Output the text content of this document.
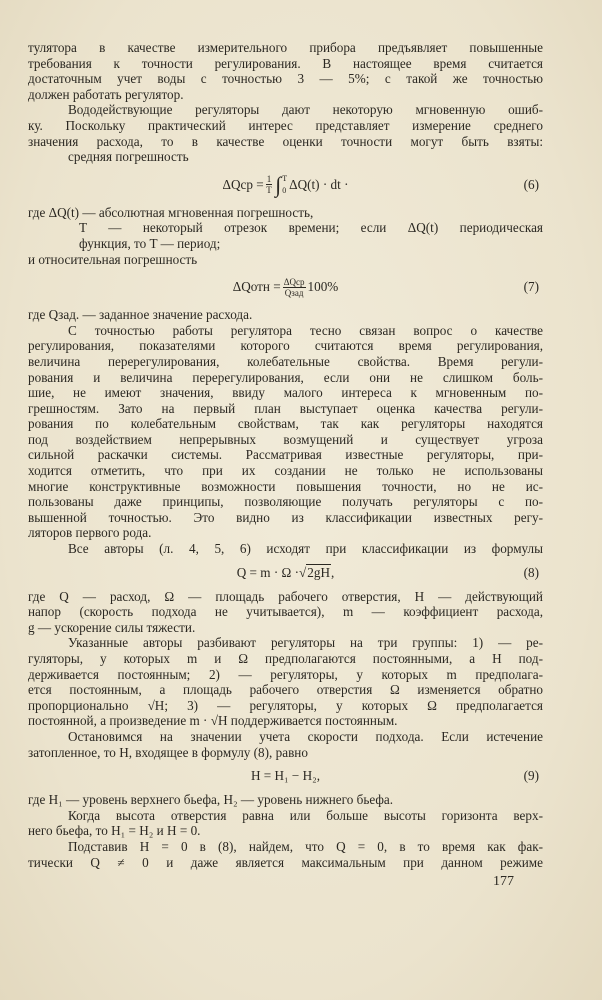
тулятора в качестве измерительного прибора предъявляет повышенные
требования к точности регулирования. В настоящее время считается
достаточным учет воды с точностью 3 — 5%; с такой же точностью
должен работать регулятор.
Вододействующие регуляторы дают некоторую мгновенную ошиб-
ку. Поскольку практический интерес представляет измерение среднего
значения расхода, то в качестве оценки точности могут быть взяты:
средняя погрешность
$\Delta Qср = \frac{1}{T}$ ∫ T
0 ΔQ(t) · dt ·	(6)
где ΔQ(t) — абсолютная мгновенная погрешность,
T — некоторый отрезок времени; если ΔQ(t) периодическая
функция, то T — период;
и относительная погрешность
ΔQотн = $\frac{\text{ΔQср}}{\text{Qзад}} 100\%$	(7)
где Qзад. — заданное значение расхода.
С точностью работы регулятора тесно связан вопрос о качестве
регулирования, показателями которого считаются время регулирования,
величина перерегулирования, колебательные свойства. Время регули-
рования и величина перерегулирования, если они не слишком боль-
шие, не имеют значения, ввиду малого интереса к мгновенным по-
грешностям. Зато на первый план выступает оценка качества регули-
рования по колебательным свойствам, так как регуляторы находятся
под воздействием непрерывных возмущений и существует угроза
сильной раскачки системы. Рассматривая известные регуляторы, при-
ходится отметить, что при их создании не только не использованы
многие конструктивные возможности повышения точности, но не ис-
пользованы даже принципы, позволяющие получать регуляторы с по-
вышенной точностью. Это видно из классификации известных регу-
ляторов первого рода.
Все авторы (л. 4, 5, 6) исходят при классификации из формулы
Q = m · Ω · √ 2gH ,	(8)
где Q — расход, Ω — площадь рабочего отверстия, H — действующий
напор (скорость подхода не учитывается), m — коэффициент расхода,
g — ускорение силы тяжести.
Указанные авторы разбивают регуляторы на три группы: 1) — ре-
гуляторы, у которых m и Ω предполагаются постоянными, а H под-
держивается постоянным; 2) — регуляторы, у которых m предполага-
ется постоянным, а площадь рабочего отверстия Ω изменяется обратно
пропорционально √H; 3) — регуляторы, у которых Ω предполагается
постоянной, а произведение m · √H поддерживается постоянным.
Остановимся на значении учета скорости подхода. Если истечение
затопленное, то H, входящее в формулу (8), равно
H = H₁ − H₂,	(9)
где H₁ — уровень верхнего бьефа, H₂ — уровень нижнего бьефа.
Когда высота отверстия равна или больше высоты горизонта верх-
него бьефа, то H₁ = H₂ и H = 0.
Подставив H = 0 в (8), найдем, что Q = 0, в то время как фак-
тически Q ≠ 0 и даже является максимальным при данном режиме
177
